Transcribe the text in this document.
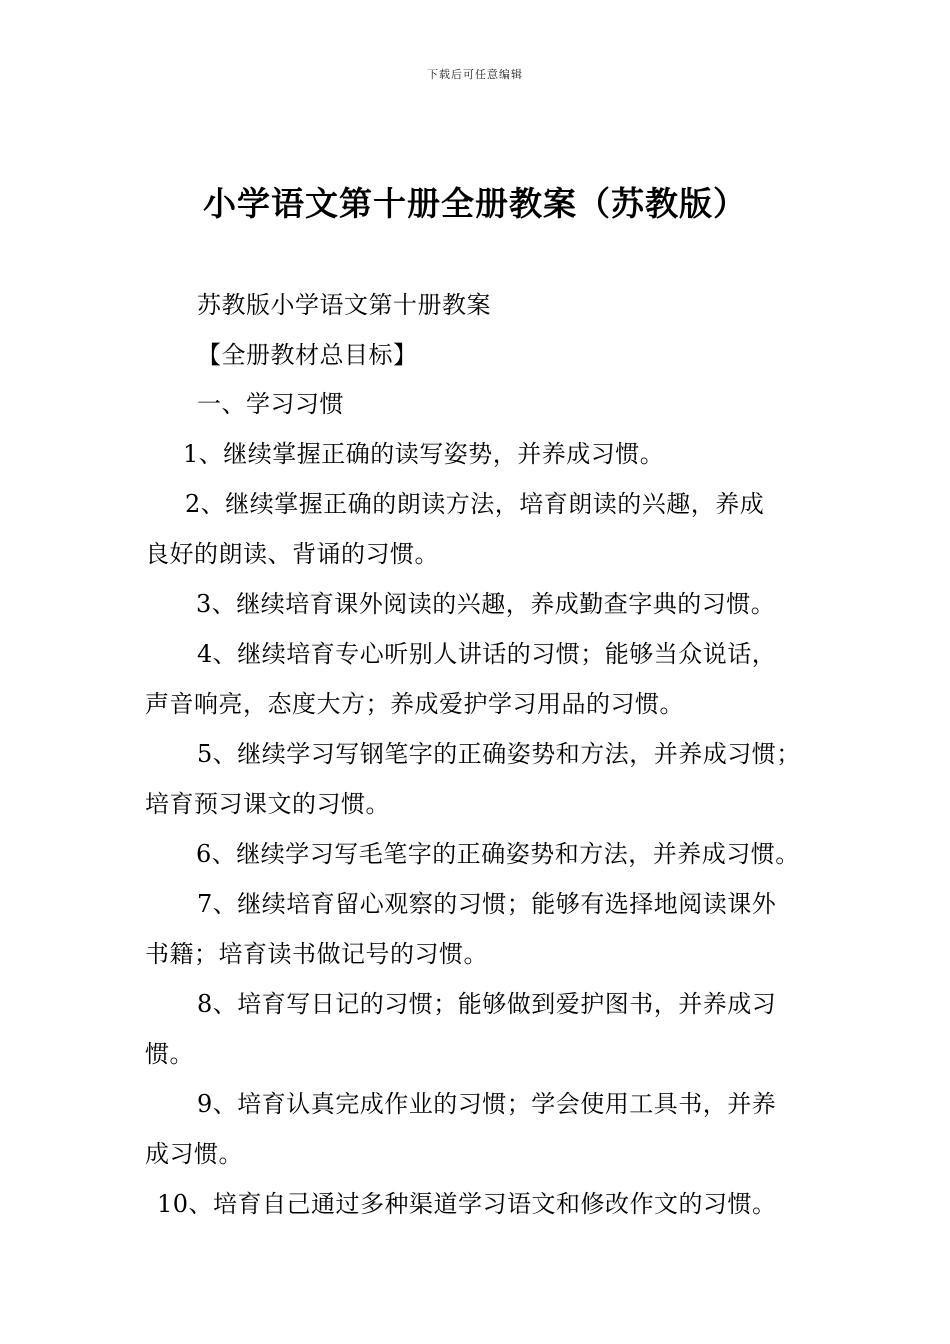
下载后可任意编辑
小学语文第十册全册教案（苏教版）
苏教版小学语文第十册教案
【全册教材总目标】
一、学习习惯
1、继续掌握正确的读写姿势，并养成习惯。
2、继续掌握正确的朗读方法，培育朗读的兴趣，养成
良好的朗读、背诵的习惯。
3、继续培育课外阅读的兴趣，养成勤查字典的习惯。
4、继续培育专心听别人讲话的习惯；能够当众说话，
声音响亮，态度大方；养成爱护学习用品的习惯。
5、继续学习写钢笔字的正确姿势和方法，并养成习惯；
培育预习课文的习惯。
6、继续学习写毛笔字的正确姿势和方法，并养成习惯。
7、继续培育留心观察的习惯；能够有选择地阅读课外
书籍；培育读书做记号的习惯。
8、培育写日记的习惯；能够做到爱护图书，并养成习
惯。
9、培育认真完成作业的习惯；学会使用工具书，并养
成习惯。
10、培育自己通过多种渠道学习语文和修改作文的习惯。
